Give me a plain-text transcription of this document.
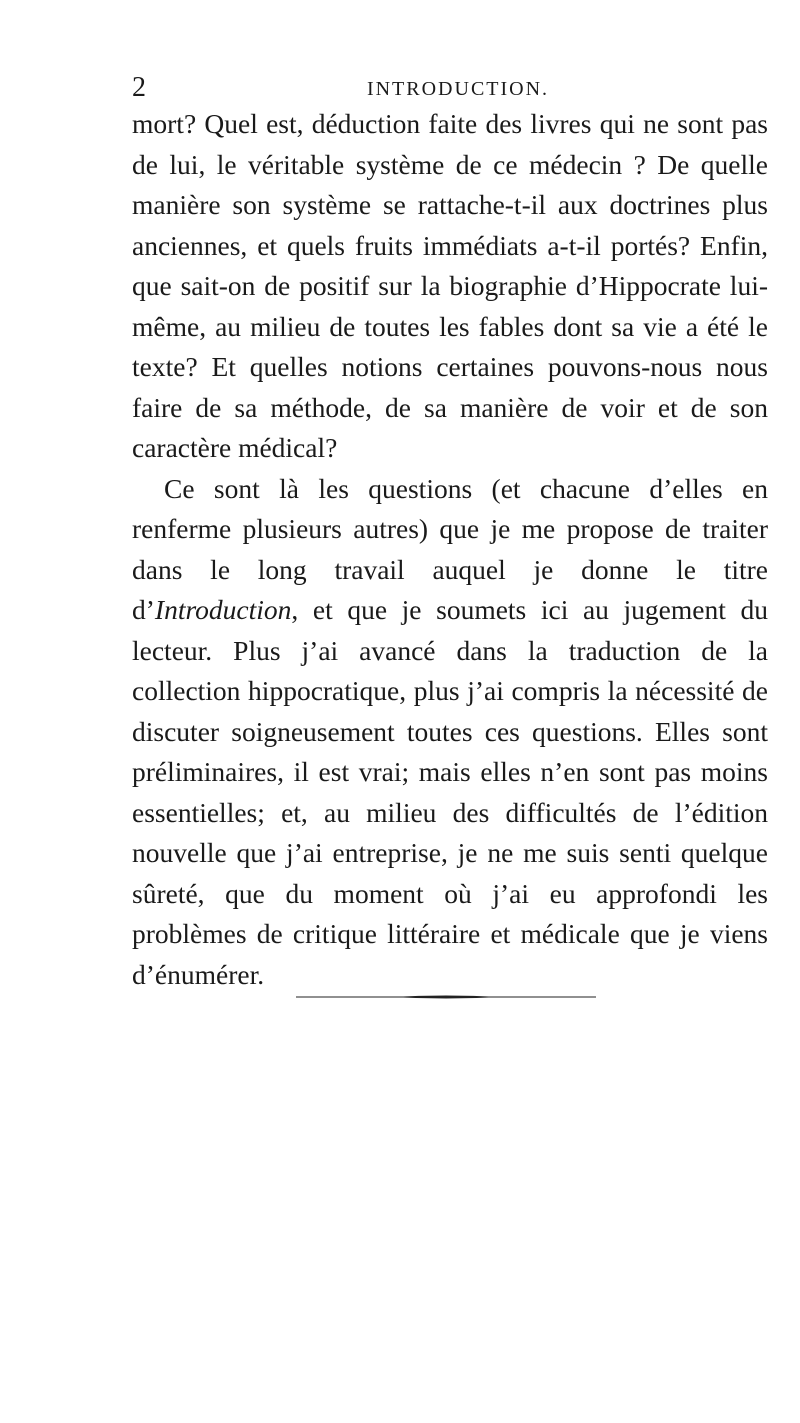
2	INTRODUCTION.

mort? Quel est, déduction faite des livres qui ne sont pas de lui, le véritable système de ce médecin ? De quelle manière son système se rattache-t-il aux doctrines plus anciennes, et quels fruits immédiats a-t-il portés? Enfin, que sait-on de positif sur la biographie d’Hippocrate lui-même, au milieu de toutes les fables dont sa vie a été le texte? Et quelles notions certaines pouvons-nous nous faire de sa méthode, de sa manière de voir et de son caractère médical?

Ce sont là les questions (et chacune d’elles en renferme plusieurs autres) que je me propose de traiter dans le long travail auquel je donne le titre d’Introduction, et que je soumets ici au jugement du lecteur. Plus j’ai avancé dans la traduction de la collection hippocratique, plus j’ai compris la nécessité de discuter soigneusement toutes ces questions. Elles sont préliminaires, il est vrai; mais elles n’en sont pas moins essentielles; et, au milieu des difficultés de l’édition nouvelle que j’ai entreprise, je ne me suis senti quelque sûreté, que du moment où j’ai eu approfondi les problèmes de critique littéraire et médicale que je viens d’énumérer.
